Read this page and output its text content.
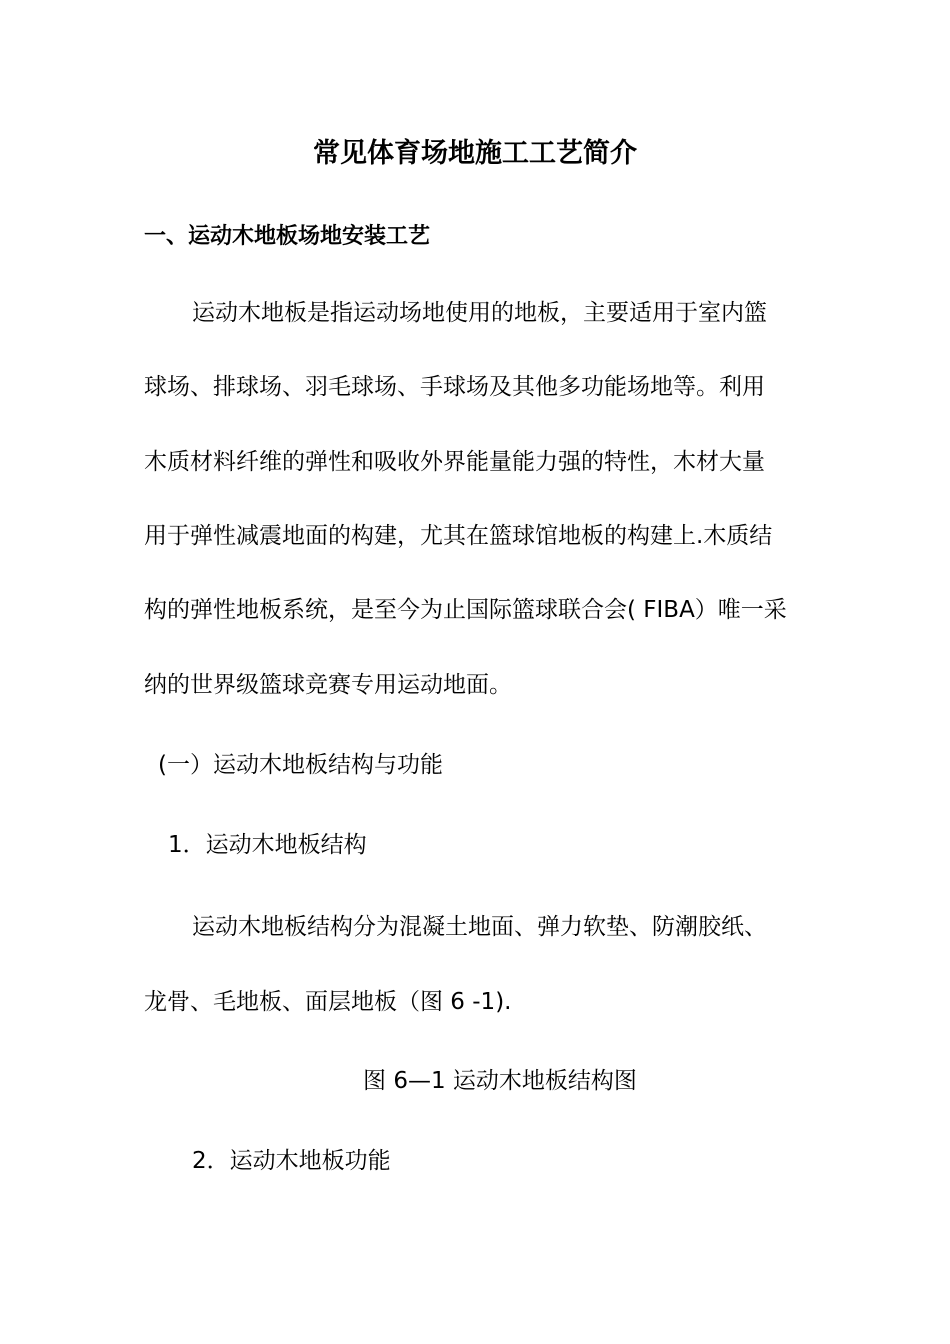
常见体育场地施工工艺简介
一、运动木地板场地安装工艺
运动木地板是指运动场地使用的地板，主要适用于室内篮
球场、排球场、羽毛球场、手球场及其他多功能场地等。利用
木质材料纤维的弹性和吸收外界能量能力强的特性，木材大量
用于弹性减震地面的构建，尤其在篮球馆地板的构建上.木质结
构的弹性地板系统，是至今为止国际篮球联合会( FIBA）唯一采
纳的世界级篮球竞赛专用运动地面。
(一）运动木地板结构与功能
1．运动木地板结构
运动木地板结构分为混凝土地面、弹力软垫、防潮胶纸、
龙骨、毛地板、面层地板（图 6 -1).
图 6—1 运动木地板结构图
2．运动木地板功能
